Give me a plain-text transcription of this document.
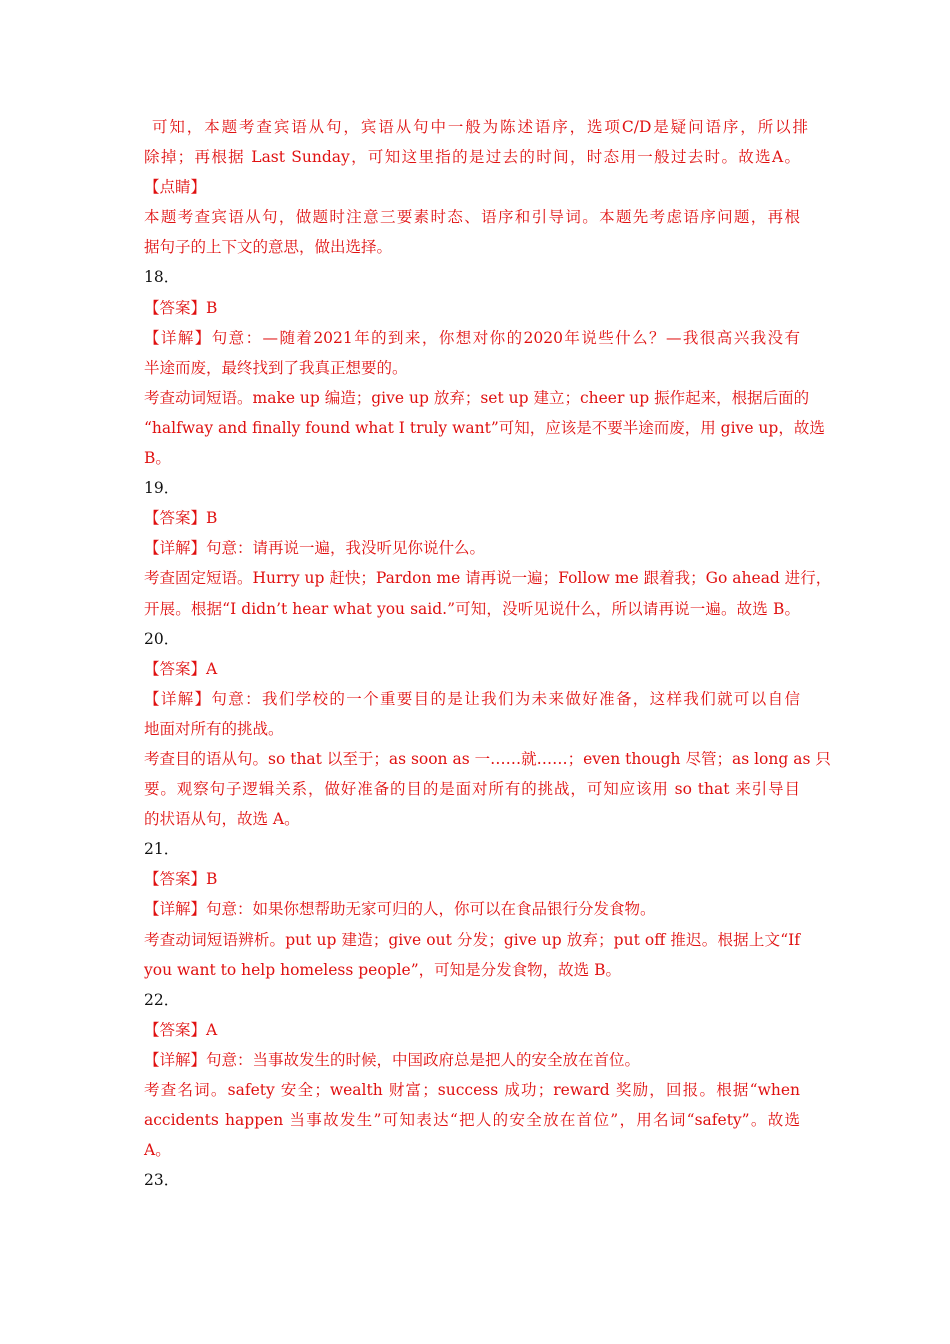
可知，本题考查宾语从句，宾语从句中一般为陈述语序，选项C/D是疑问语序，所以排
除掉；再根据 Last Sunday，可知这里指的是过去的时间，时态用一般过去时。故选A。
【点睛】
本题考查宾语从句，做题时注意三要素时态、语序和引导词。本题先考虑语序问题，再根
据句子的上下文的意思，做出选择。
18．
【答案】B
【详解】句意：—随着2021年的到来，你想对你的2020年说些什么？—我很高兴我没有
半途而废，最终找到了我真正想要的。
考查动词短语。make up 编造；give up 放弃；set up 建立；cheer up 振作起来，根据后面的
“halfway and finally found what I truly want”可知，应该是不要半途而废，用 give up，故选
B。
19．
【答案】B
【详解】句意：请再说一遍，我没听见你说什么。
考查固定短语。Hurry up 赶快；Pardon me 请再说一遍；Follow me 跟着我；Go ahead 进行，
开展。根据“I didn’t hear what you said.”可知，没听见说什么，所以请再说一遍。故选 B。
20．
【答案】A
【详解】句意：我们学校的一个重要目的是让我们为未来做好准备，这样我们就可以自信
地面对所有的挑战。
考查目的语从句。so that 以至于；as soon as 一……就……；even though 尽管；as long as 只
要。观察句子逻辑关系，做好准备的目的是面对所有的挑战，可知应该用 so that 来引导目
的状语从句，故选 A。
21．
【答案】B
【详解】句意：如果你想帮助无家可归的人，你可以在食品银行分发食物。
考查动词短语辨析。put up 建造；give out 分发；give up 放弃；put off 推迟。根据上文“If
you want to help homeless people”，可知是分发食物，故选 B。
22．
【答案】A
【详解】句意：当事故发生的时候，中国政府总是把人的安全放在首位。
考查名词。safety 安全；wealth 财富；success 成功；reward 奖励，回报。根据“when
accidents happen 当事故发生”可知表达“把人的安全放在首位”，用名词“safety”。故选
A。
23．
